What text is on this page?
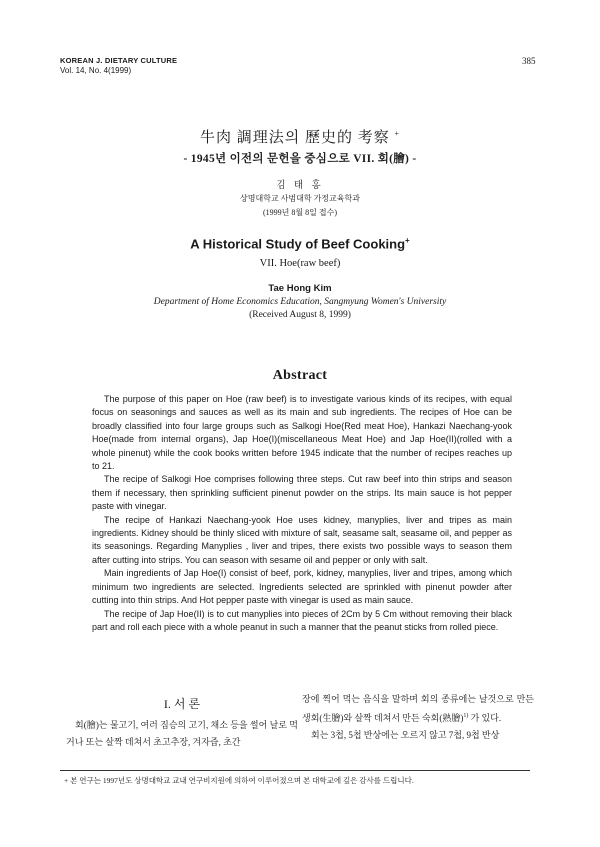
KOREAN J. DIETARY CULTURE
Vol. 14, No. 4(1999)
385
牛肉 調理法의 歷史的 考察 +
- 1945년 이전의 문헌을 중심으로 VII. 회(膾) -
김 태 홍
상명대학교 사범대학 가정교육학과
(1999년 8월 8일 접수)
A Historical Study of Beef Cooking+
VII. Hoe(raw beef)
Tae Hong Kim
Department of Home Economics Education, Sangmyung Women's University
(Received August 8, 1999)
Abstract

The purpose of this paper on Hoe (raw beef) is to investigate various kinds of its recipes, with equal focus on seasonings and sauces as well as its main and sub ingredients. The recipes of Hoe can be broadly classified into four large groups such as Salkogi Hoe(Red meat Hoe), Hankazi Naechang-yook Hoe(made from internal organs), Jap Hoe(I)(miscellaneous Meat Hoe) and Jap Hoe(II)(rolled with a whole pinenut) while the cook books written before 1945 indicate that the number of recipes reaches up to 21.

The recipe of Salkogi Hoe comprises following three steps. Cut raw beef into thin strips and season them if necessary, then sprinkling sufficient pinenut powder on the strips. Its main sauce is hot pepper paste with vinegar.

The recipe of Hankazi Naechang-yook Hoe uses kidney, manyplies, liver and tripes as main ingredients. Kidney should be thinly sliced with mixture of salt, seasame salt, seasame oil, and pepper as its seasonings. Regarding Manyplies , liver and tripes, there exists two possible ways to season them after cutting into strips. You can season with sesame oil and pepper or only with salt.

Main ingredients of Jap Hoe(I) consist of beef, pork, kidney, manyplies, liver and tripes, among which minimum two ingredients are selected. Ingredients selected are sprinkled with pinenut powder after cutting into thin strips. And Hot pepper paste with vinegar is used as main sauce.

The recipe of Jap Hoe(II) is to cut manyplies into pieces of 2Cm by 5 Cm without removing their black part and roll each piece with a whole peanut in such a manner that the peanut sticks from rolled piece.

I. 서 론

회(膾)는 물고기, 여러 짐승의 고기, 채소 등을 썰어 날로 먹거나 또는 살짝 데쳐서 초고추장, 겨자즙, 초간

장에 찍어 먹는 음식을 말하며 회의 종류에는 날것으로 만든 생회(生膾)와 살짝 데쳐서 만든 숙회(熟膾)$^{1)}$ 가 있다.

회는 3첩, 5첩 반상에는 오르지 않고 7첩, 9첩 반상

+ 본 연구는 1997년도 상명대학교 교내 연구비지원에 의하여 이루어졌으며 본 대학교에 깊은 감사를 드립니다.
